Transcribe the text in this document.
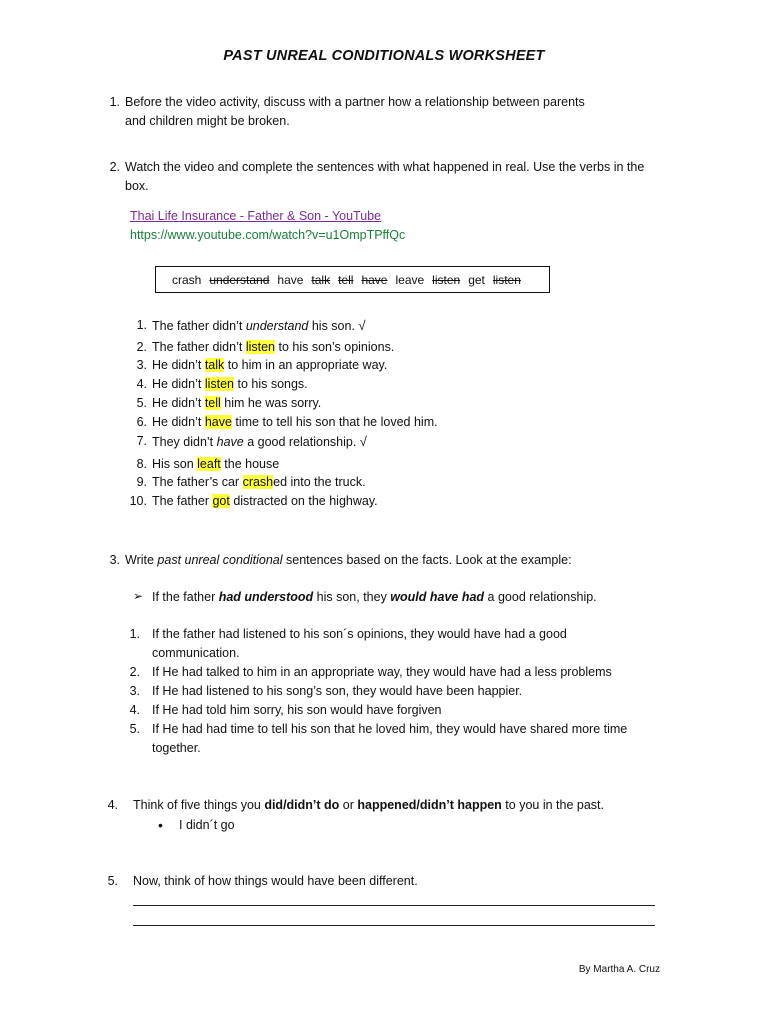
PAST UNREAL CONDITIONALS WORKSHEET
1. Before the video activity, discuss with a partner how a relationship between parents
and children might be broken.
2. Watch the video and complete the sentences with what happened in real. Use the verbs in the
box.
Thai Life Insurance - Father & Son - YouTube
https://www.youtube.com/watch?v=u1OmpTPffQc
crash understand have talk tell have leave listen get listen
1. The father didn’t understand his son. √
2. The father didn’t listen to his son’s opinions.
3. He didn’t talk to him in an appropriate way.
4. He didn’t listen to his songs.
5. He didn’t tell him he was sorry.
6. He didn’t have time to tell his son that he loved him.
7. They didn’t have a good relationship. √
8. His son leaft the house
9. The father’s car crashed into the truck.
10. The father got distracted on the highway.
3. Write past unreal conditional sentences based on the facts. Look at the example:
➢ If the father had understood his son, they would have had a good relationship.
1. If the father had listened to his son´s opinions, they would have had a good
communication.
2. If He had talked to him in an appropriate way, they would have had a less problems
3. If He had listened to his song’s son, they would have been happier.
4. If He had told him sorry, his son would have forgiven
5. If He had had time to tell his son that he loved him, they would have shared more time
together.
4. Think of five things you did/didn’t do or happened/didn’t happen to you in the past.
• I didn´t go
5. Now, think of how things would have been different.
By Martha A. Cruz
